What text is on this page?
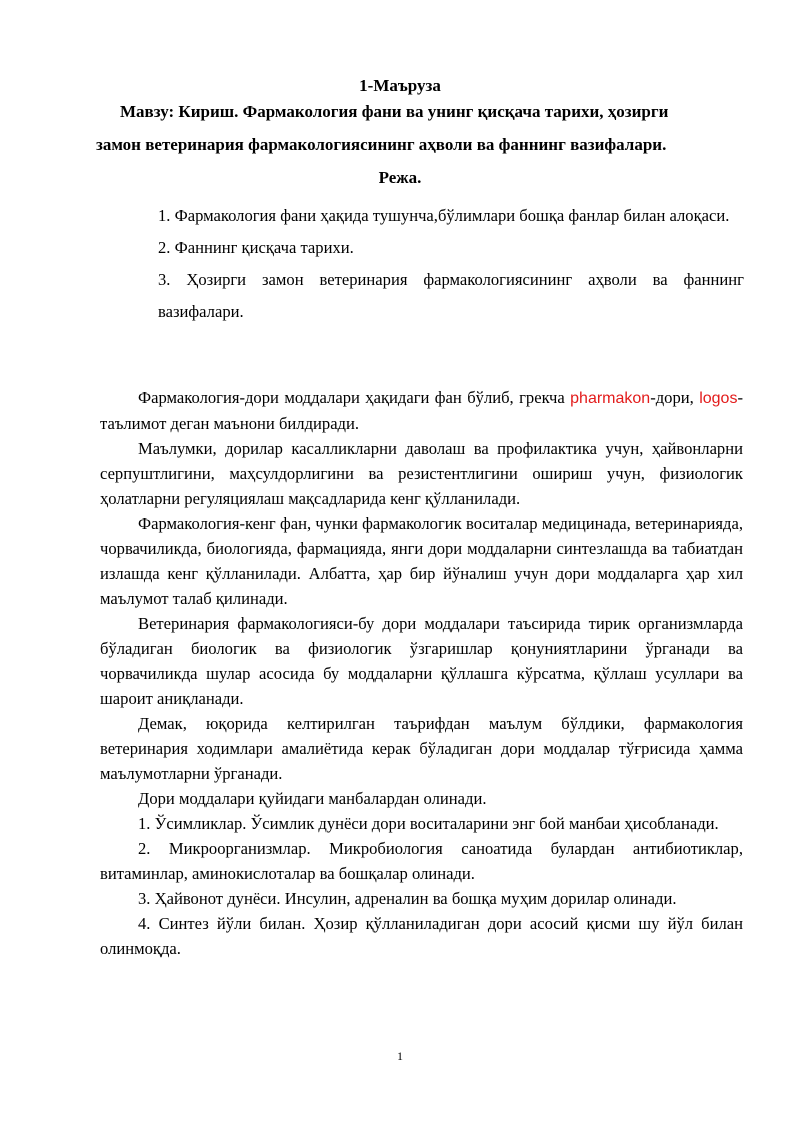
1-Маъруза
Мавзу: Кириш. Фармакология фани ва унинг қисқача тарихи, ҳозирги
замон ветеринария фармакологиясининг аҳволи ва фаннинг вазифалари.
Режа.
1. Фармакология фани ҳақида тушунча,бўлимлари бошқа фанлар билан алоқаси.
2. Фаннинг қисқача тарихи.
3. Ҳозирги замон ветеринария фармакологиясининг аҳволи ва фаннинг вазифалари.

Фармакология-дори моддалари ҳақидаги фан бўлиб, грекча pharmakon-дори, logos-таълимот деган маънони билдиради.

Маълумки, дорилар касалликларни даволаш ва профилактика учун, ҳайвонларни серпуштлигини, маҳсулдорлигини ва резистентлигини ошириш учун, физиологик ҳолатларни регуляциялаш мақсадларида кенг қўлланилади.

Фармакология-кенг фан, чунки фармакологик воситалар медицинада, ветеринарияда, чорвачиликда, биологияда, фармацияда, янги дори моддаларни синтезлашда ва табиатдан излашда кенг қўлланилади. Албатта, ҳар бир йўналиш учун дори моддаларга ҳар хил маълумот талаб қилинади.

Ветеринария фармакологияси-бу дори моддалари таъсирида тирик организмларда бўладиган биологик ва физиологик ўзгаришлар қонуниятларини ўрганади ва чорвачиликда шулар асосида бу моддаларни қўллашга кўрсатма, қўллаш усуллари ва шароит аниқланади.

Демак, юқорида келтирилган таърифдан маълум бўлдики, фармакология ветеринария ходимлари амалиётида керак бўладиган дори моддалар тўғрисида ҳамма маълумотларни ўрганади.

Дори моддалари қуйидаги манбалардан олинади.

1. Ўсимликлар. Ўсимлик дунёси дори воситаларини энг бой манбаи ҳисобланади.

2. Микроорганизмлар. Микробиология саноатида булардан антибиотиклар, витаминлар, аминокислоталар ва бошқалар олинади.

3. Ҳайвонот дунёси. Инсулин, адреналин ва бошқа муҳим дорилар олинади.

4. Синтез йўли билан. Ҳозир қўлланиладиган дори асосий қисми шу йўл билан олинмоқда.

1
